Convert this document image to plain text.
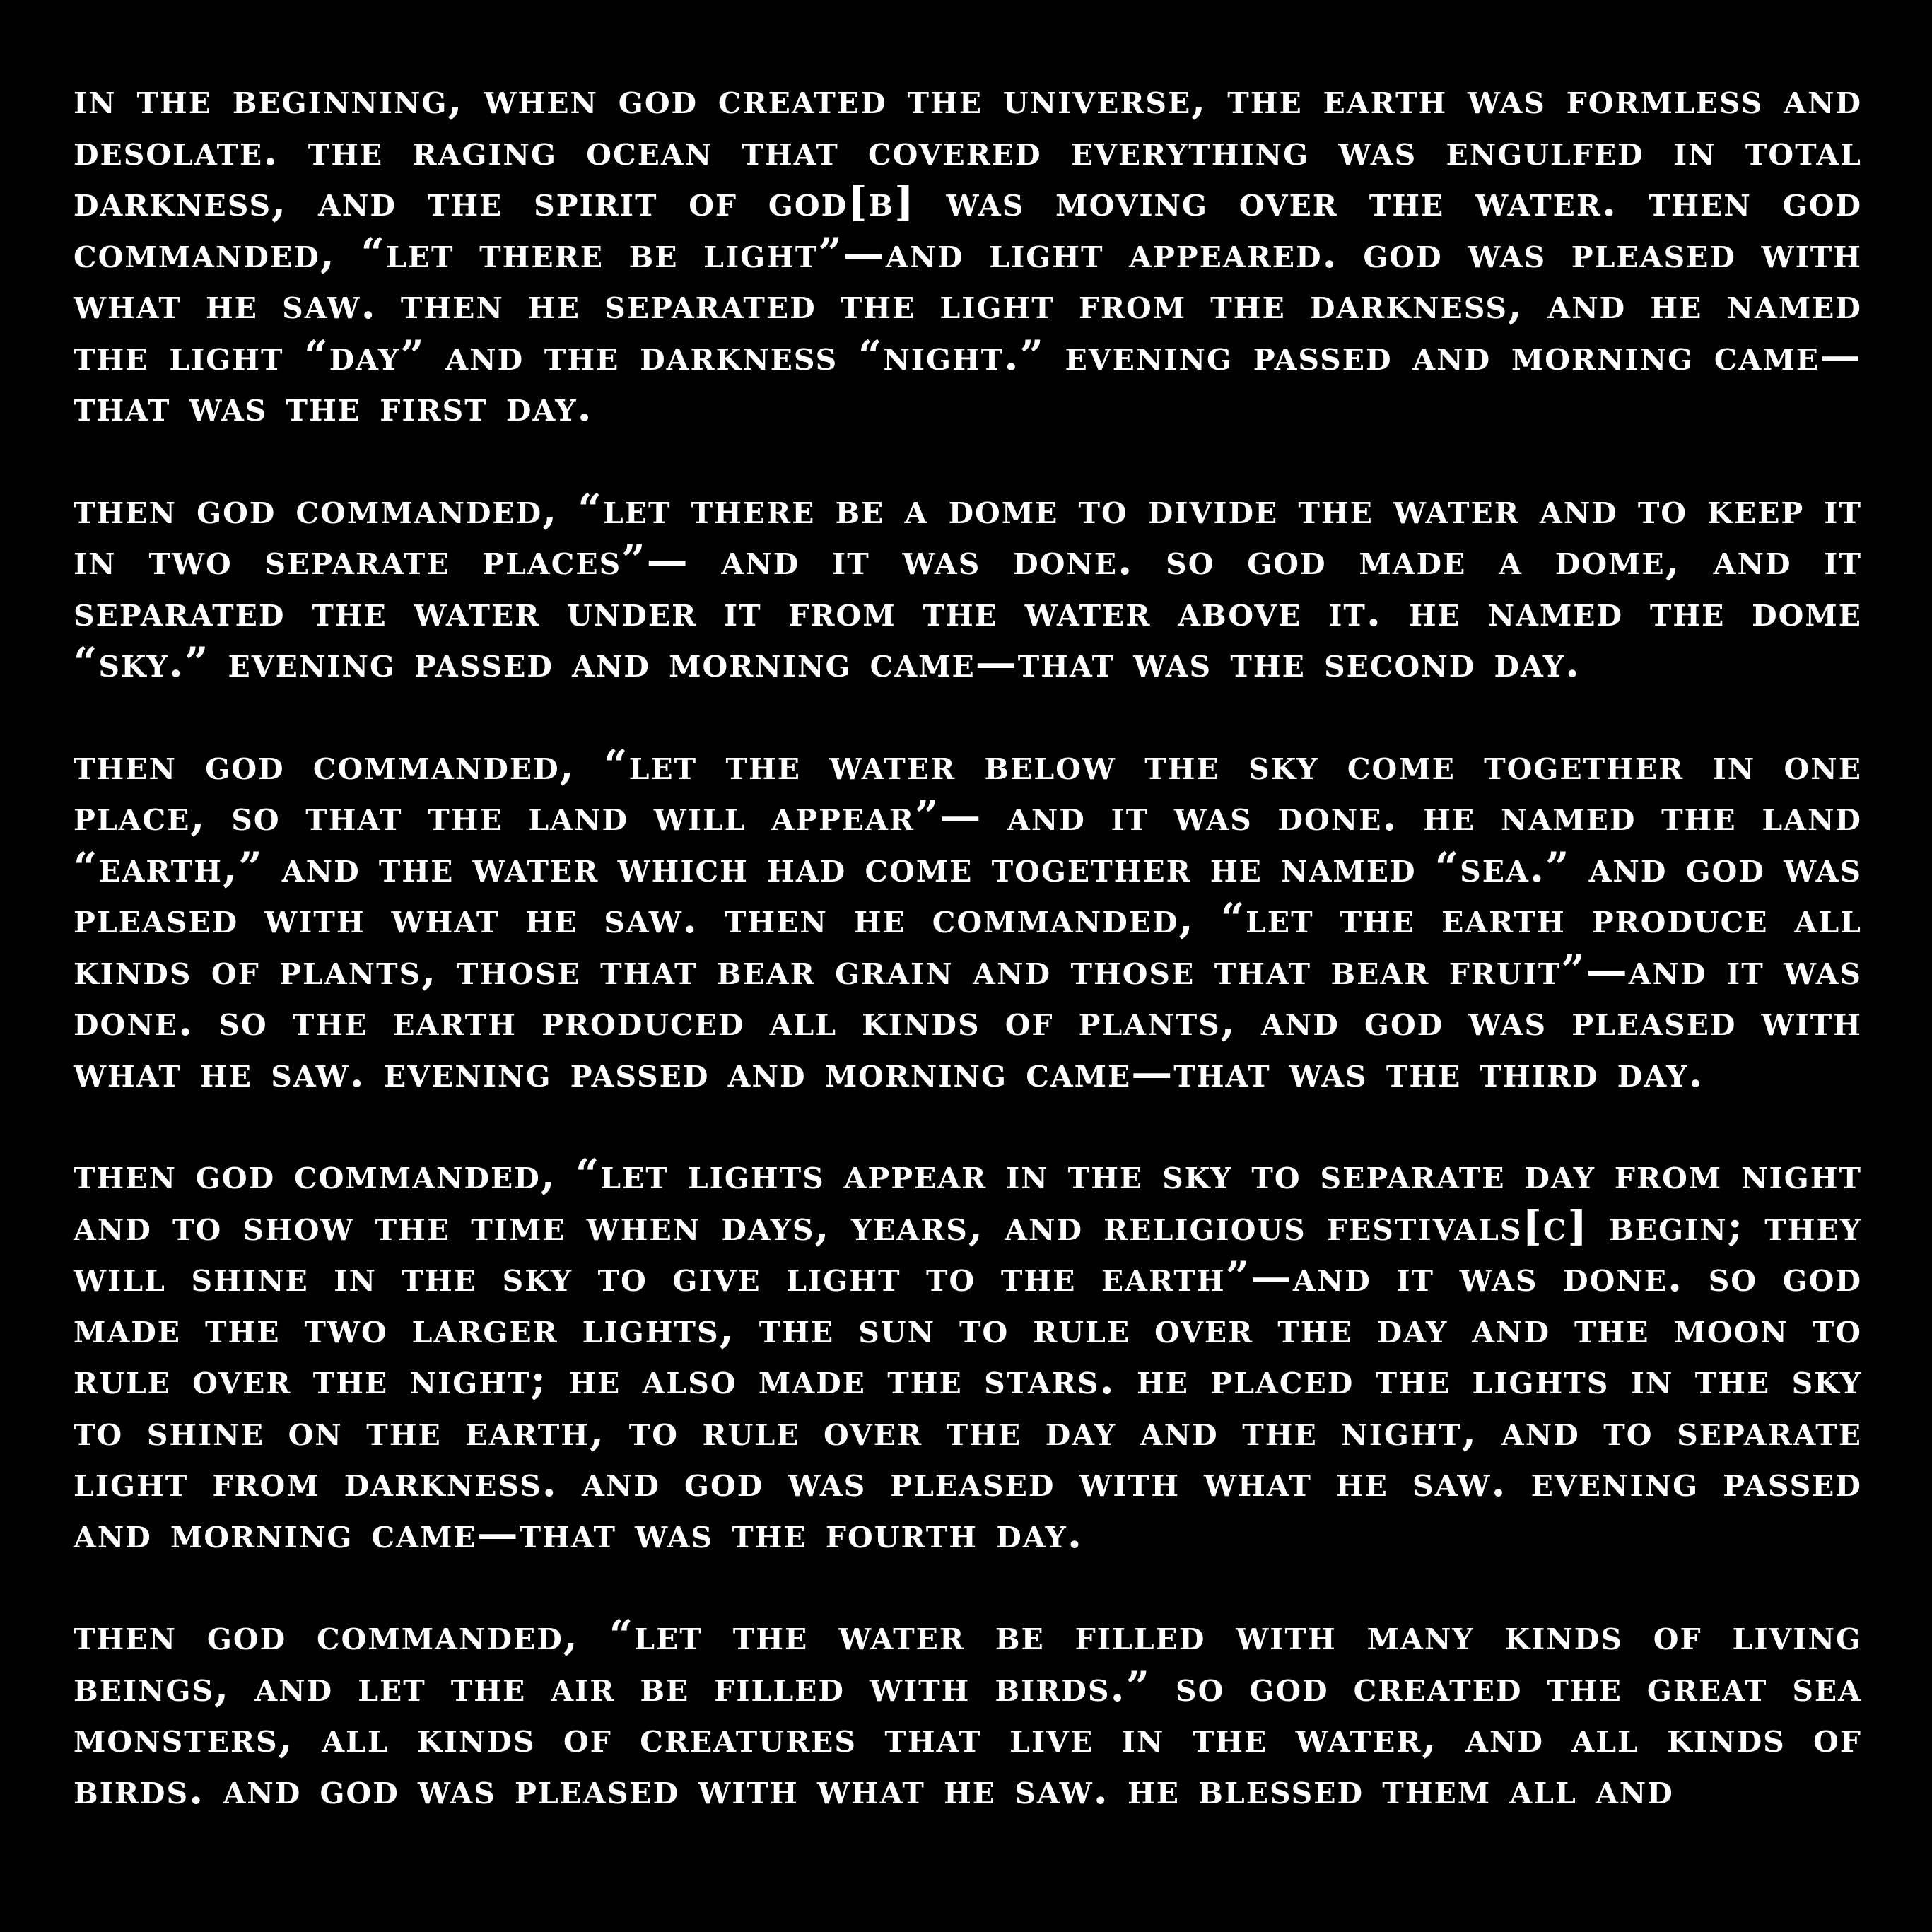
in the beginning, when god created the universe, the earth was formless and desolate. the raging ocean that covered everything was engulfed in total darkness, and the spirit of god[b] was moving over the water. then god commanded, “let there be light”—and light appeared. god was pleased with what he saw. then he separated the light from the darkness, and he named the light “day” and the darkness “night.” evening passed and morning came—that was the first day.

then god commanded, “let there be a dome to divide the water and to keep it in two separate places”— and it was done. so god made a dome, and it separated the water under it from the water above it. he named the dome “sky.” evening passed and morning came—that was the second day.

then god commanded, “let the water below the sky come together in one place, so that the land will appear”— and it was done. he named the land “earth,” and the water which had come together he named “sea.” and god was pleased with what he saw. then he commanded, “let the earth produce all kinds of plants, those that bear grain and those that bear fruit”—and it was done. so the earth produced all kinds of plants, and god was pleased with what he saw. evening passed and morning came—that was the third day.

then god commanded, “let lights appear in the sky to separate day from night and to show the time when days, years, and religious festivals[c] begin; they will shine in the sky to give light to the earth”—and it was done. so god made the two larger lights, the sun to rule over the day and the moon to rule over the night; he also made the stars. he placed the lights in the sky to shine on the earth, to rule over the day and the night, and to separate light from darkness. and god was pleased with what he saw. evening passed and morning came—that was the fourth day.

then god commanded, “let the water be filled with many kinds of living beings, and let the air be filled with birds.” so god created the great sea monsters, all kinds of creatures that live in the water, and all kinds of birds. and god was pleased with what he saw. he blessed them all and
